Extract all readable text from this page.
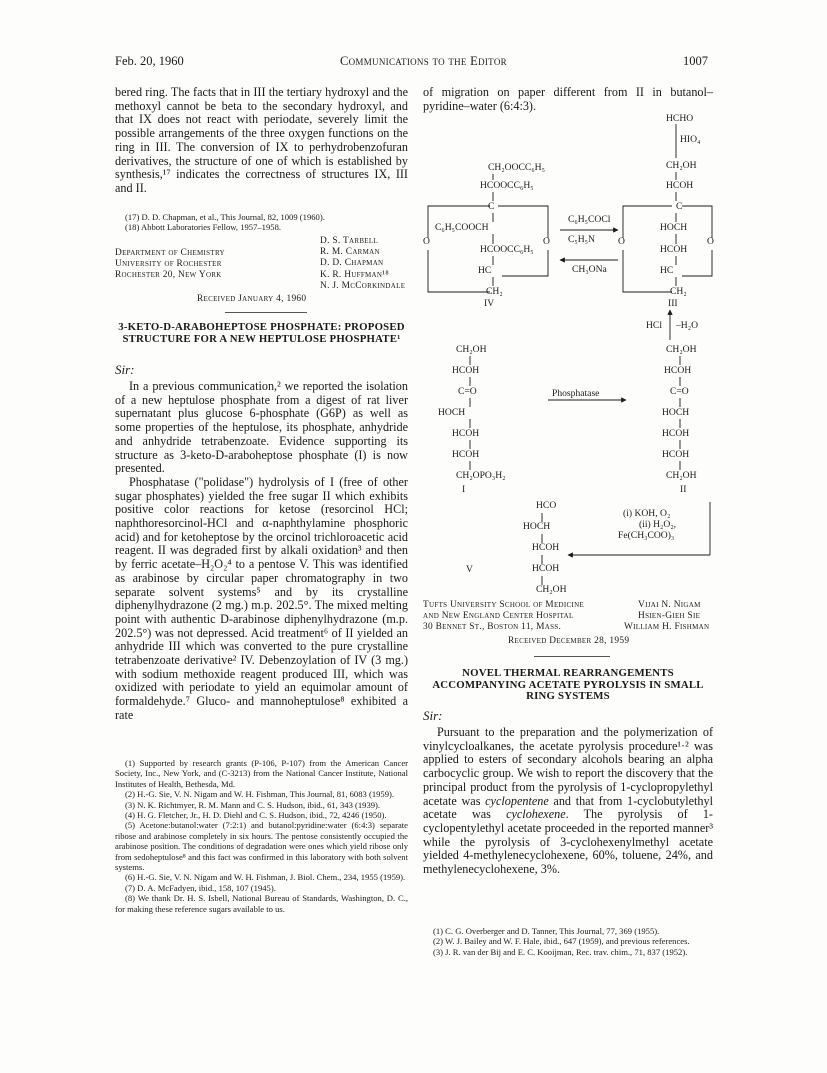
Feb. 20, 1960	Communications to the Editor	1007

bered ring. The facts that in III the tertiary hydroxyl and the methoxyl cannot be beta to the secondary hydroxyl, and that IX does not react with periodate, severely limit the possible arrangements of the three oxygen functions on the ring in III. The conversion of IX to perhydrobenzofuran derivatives, the structure of one of which is established by synthesis,¹⁷ indicates the correctness of structures IX, III and II.

(17) D. D. Chapman, et al., This Journal, 82, 1009 (1960).

(18) Abbott Laboratories Fellow, 1957–1958.

Department of Chemistry
University of Rochester
Rochester 20, New York
D. S. Tarbell
R. M. Carman
D. D. Chapman
K. R. Huffman¹⁸
N. J. McCorkindale
Received January 4, 1960
3-KETO-D-ARABOHEPTOSE PHOSPHATE: PROPOSED STRUCTURE FOR A NEW HEPTULOSE PHOSPHATE¹
Sir:

In a previous communication,² we reported the isolation of a new heptulose phosphate from a digest of rat liver supernatant plus glucose 6-phosphate (G6P) as well as some properties of the heptulose, its phosphate, anhydride and anhydride tetrabenzoate. Evidence supporting its structure as 3-keto-D-araboheptose phosphate (I) is now presented.

Phosphatase ("polidase") hydrolysis of I (free of other sugar phosphates) yielded the free sugar II which exhibits positive color reactions for ketose (resorcinol HCl; naphthoresorcinol-HCl and α-naphthylamine phosphoric acid) and for ketoheptose by the orcinol trichloroacetic acid reagent. II was degraded first by alkali oxidation³ and then by ferric acetate–H₂O₂⁴ to a pentose V. This was identified as arabinose by circular paper chromatography in two separate solvent systems⁵ and by its crystalline diphenylhydrazone (2 mg.) m.p. 202.5°. The mixed melting point with authentic D-arabinose diphenylhydrazone (m.p. 202.5°) was not depressed. Acid treatment⁶ of II yielded an anhydride III which was converted to the pure crystalline tetrabenzoate derivative² IV. Debenzoylation of IV (3 mg.) with sodium methoxide reagent produced III, which was oxidized with periodate to yield an equimolar amount of formaldehyde.⁷ Gluco- and mannoheptulose⁸ exhibited a rate

(1) Supported by research grants (P-106, P-107) from the American Cancer Society, Inc., New York, and (C-3213) from the National Cancer Institute, National Institutes of Health, Bethesda, Md.

(2) H.-G. Sie, V. N. Nigam and W. H. Fishman, This Journal, 81, 6083 (1959).

(3) N. K. Richtmyer, R. M. Mann and C. S. Hudson, ibid., 61, 343 (1939).

(4) H. G. Fletcher, Jr., H. D. Diehl and C. S. Hudson, ibid., 72, 4246 (1950).

(5) Acetone:butanol:water (7:2:1) and butanol:pyridine:water (6:4:3) separate ribose and arabinose completely in six hours. The pentose consistently occupied the arabinose position. The conditions of degradation were ones which yield ribose only from sedoheptulose⁸ and this fact was confirmed in this laboratory with both solvent systems.

(6) H.-G. Sie, V. N. Nigam and W. H. Fishman, J. Biol. Chem., 234, 1955 (1959).

(7) D. A. McFadyen, ibid., 158, 107 (1945).

(8) We thank Dr. H. S. Isbell, National Bureau of Standards, Washington, D. C., for making these reference sugars available to us.

of migration on paper different from II in butanol–pyridine–water (6:4:3).

CH₂OOCC₆H₅
HCOOCC₆H₅
C
C₆H₅COOCH
HCOOCC₆H₅
HC
CH₂
IV
O	O
HCHO
HIO₄
CH₂OH
HCOH
C
HOCH
HCOH
HC
CH₂
III
O	O
C₆H₅COCl
C₅H₅N
CH₃ONa
HCl –H₂O
CH₂OH
HCOH
C=O
HOCH
HCOH
HCOH
CH₂OPO₃H₂
I
Phosphatase
CH₂OH
HCOH
C=O
HOCH
HCOH
HCOH
CH₂OH
II
HCO
HOCH
HCOH
HCOH
CH₂OH
V
(i) KOH, O₂
(ii) H₂O₂,
Fe(CH₃COO)₃
Tufts University School of Medicine
and New England Center Hospital
30 Bennet St., Boston 11, Mass.
Vijai N. Nigam
Hsien-Gieh Sie
William H. Fishman
Received December 28, 1959
NOVEL THERMAL REARRANGEMENTS ACCOMPANYING ACETATE PYROLYSIS IN SMALL RING SYSTEMS
Sir:

Pursuant to the preparation and the polymerization of vinylcycloalkanes, the acetate pyrolysis procedure¹·² was applied to esters of secondary alcohols bearing an alpha carbocyclic group. We wish to report the discovery that the principal product from the pyrolysis of 1-cyclopropylethyl acetate was cyclopentene and that from 1-cyclobutylethyl acetate was cyclohexene. The pyrolysis of 1-cyclopentylethyl acetate proceeded in the reported manner³ while the pyrolysis of 3-cyclohexenylmethyl acetate yielded 4-methylenecyclohexene, 60%, toluene, 24%, and methylenecyclohexene, 3%.

(1) C. G. Overberger and D. Tanner, This Journal, 77, 369 (1955).

(2) W. J. Bailey and W. F. Hale, ibid., 647 (1959), and previous references.

(3) J. R. van der Bij and E. C. Kooijman, Rec. trav. chim., 71, 837 (1952).
